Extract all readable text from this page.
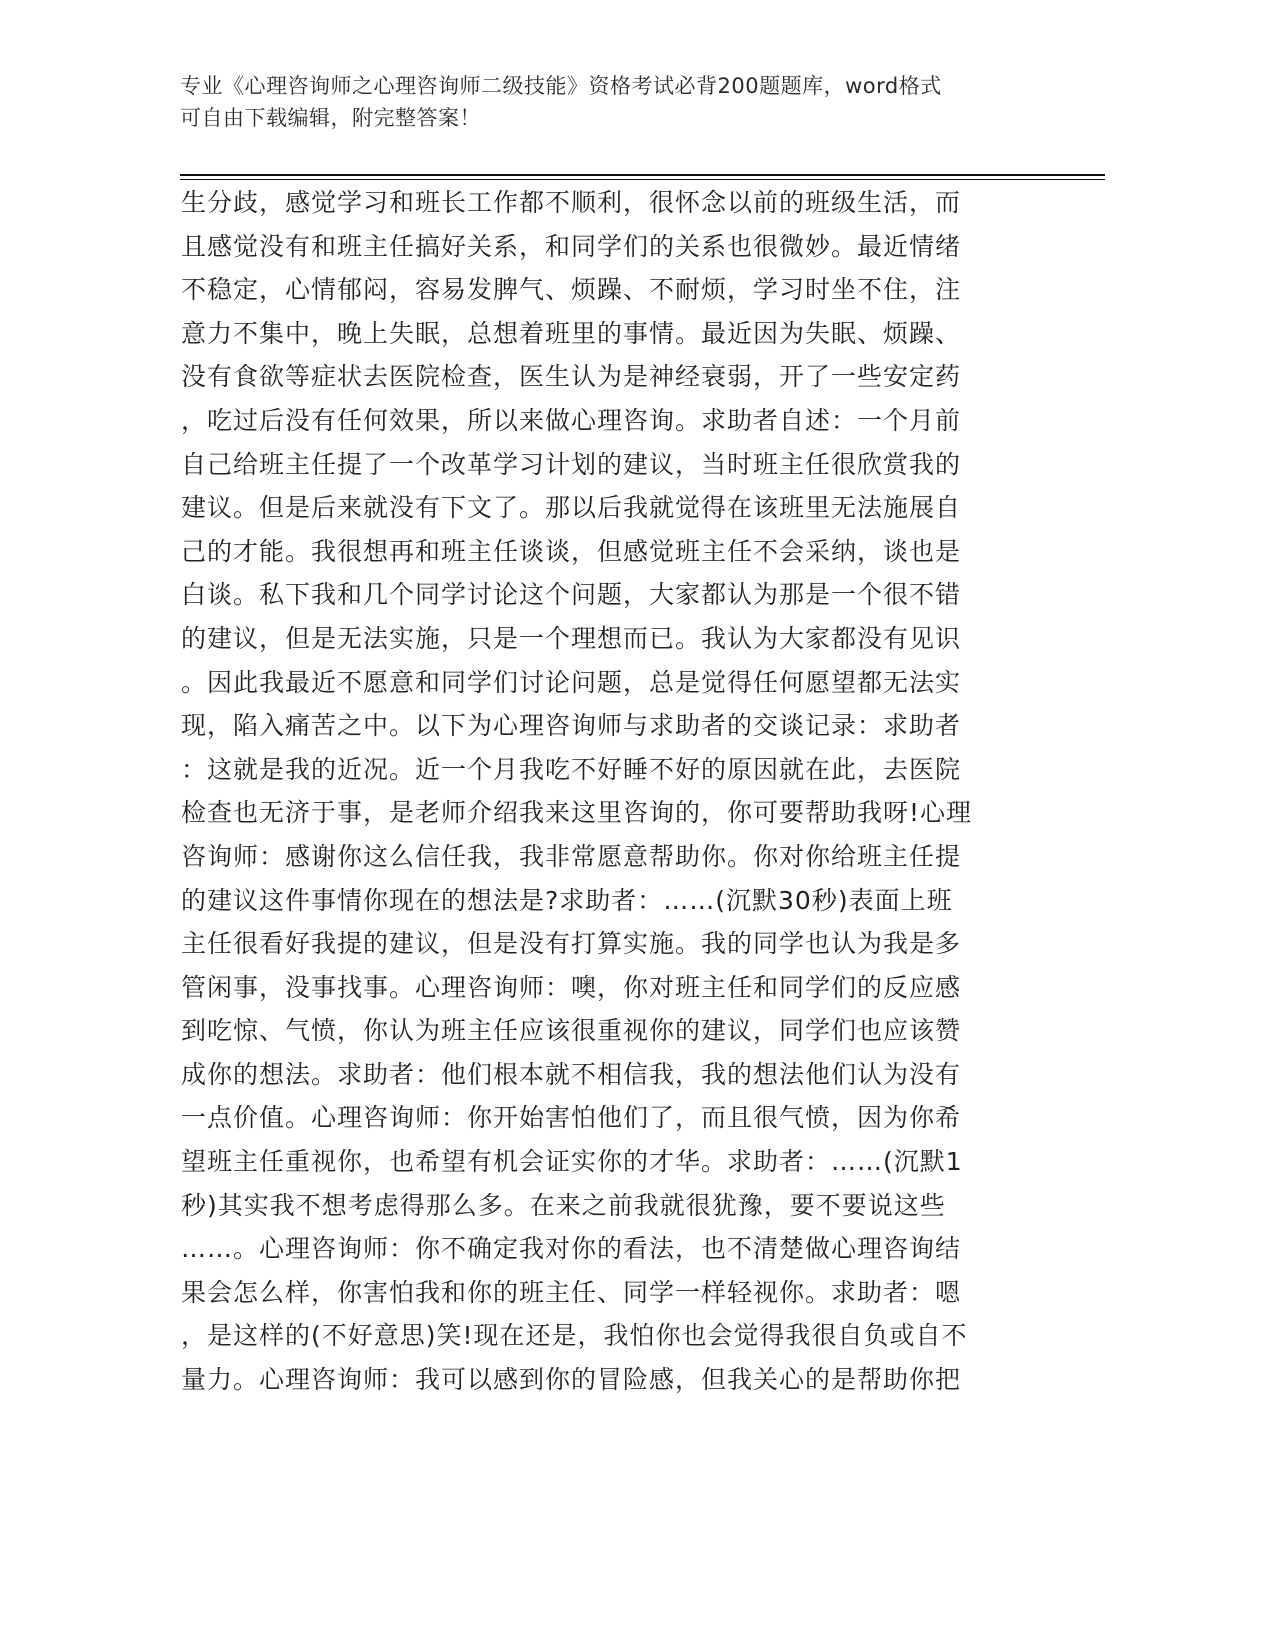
专业《心理咨询师之心理咨询师二级技能》资格考试必背200题题库，word格式
可自由下载编辑，附完整答案！
生分歧，感觉学习和班长工作都不顺利，很怀念以前的班级生活，而
且感觉没有和班主任搞好关系，和同学们的关系也很微妙。最近情绪
不稳定，心情郁闷，容易发脾气、烦躁、不耐烦，学习时坐不住，注
意力不集中，晚上失眠，总想着班里的事情。最近因为失眠、烦躁、
没有食欲等症状去医院检查，医生认为是神经衰弱，开了一些安定药
，吃过后没有任何效果，所以来做心理咨询。求助者自述：一个月前
自己给班主任提了一个改革学习计划的建议，当时班主任很欣赏我的
建议。但是后来就没有下文了。那以后我就觉得在该班里无法施展自
己的才能。我很想再和班主任谈谈，但感觉班主任不会采纳，谈也是
白谈。私下我和几个同学讨论这个问题，大家都认为那是一个很不错
的建议，但是无法实施，只是一个理想而已。我认为大家都没有见识
。因此我最近不愿意和同学们讨论问题，总是觉得任何愿望都无法实
现，陷入痛苦之中。以下为心理咨询师与求助者的交谈记录：求助者
：这就是我的近况。近一个月我吃不好睡不好的原因就在此，去医院
检查也无济于事，是老师介绍我来这里咨询的，你可要帮助我呀!心理
咨询师：感谢你这么信任我，我非常愿意帮助你。你对你给班主任提
的建议这件事情你现在的想法是?求助者：……(沉默30秒)表面上班
主任很看好我提的建议，但是没有打算实施。我的同学也认为我是多
管闲事，没事找事。心理咨询师：噢，你对班主任和同学们的反应感
到吃惊、气愤，你认为班主任应该很重视你的建议，同学们也应该赞
成你的想法。求助者：他们根本就不相信我，我的想法他们认为没有
一点价值。心理咨询师：你开始害怕他们了，而且很气愤，因为你希
望班主任重视你，也希望有机会证实你的才华。求助者：……(沉默1
秒)其实我不想考虑得那么多。在来之前我就很犹豫，要不要说这些
……。心理咨询师：你不确定我对你的看法，也不清楚做心理咨询结
果会怎么样，你害怕我和你的班主任、同学一样轻视你。求助者：嗯
，是这样的(不好意思)笑!现在还是，我怕你也会觉得我很自负或自不
量力。心理咨询师：我可以感到你的冒险感，但我关心的是帮助你把
